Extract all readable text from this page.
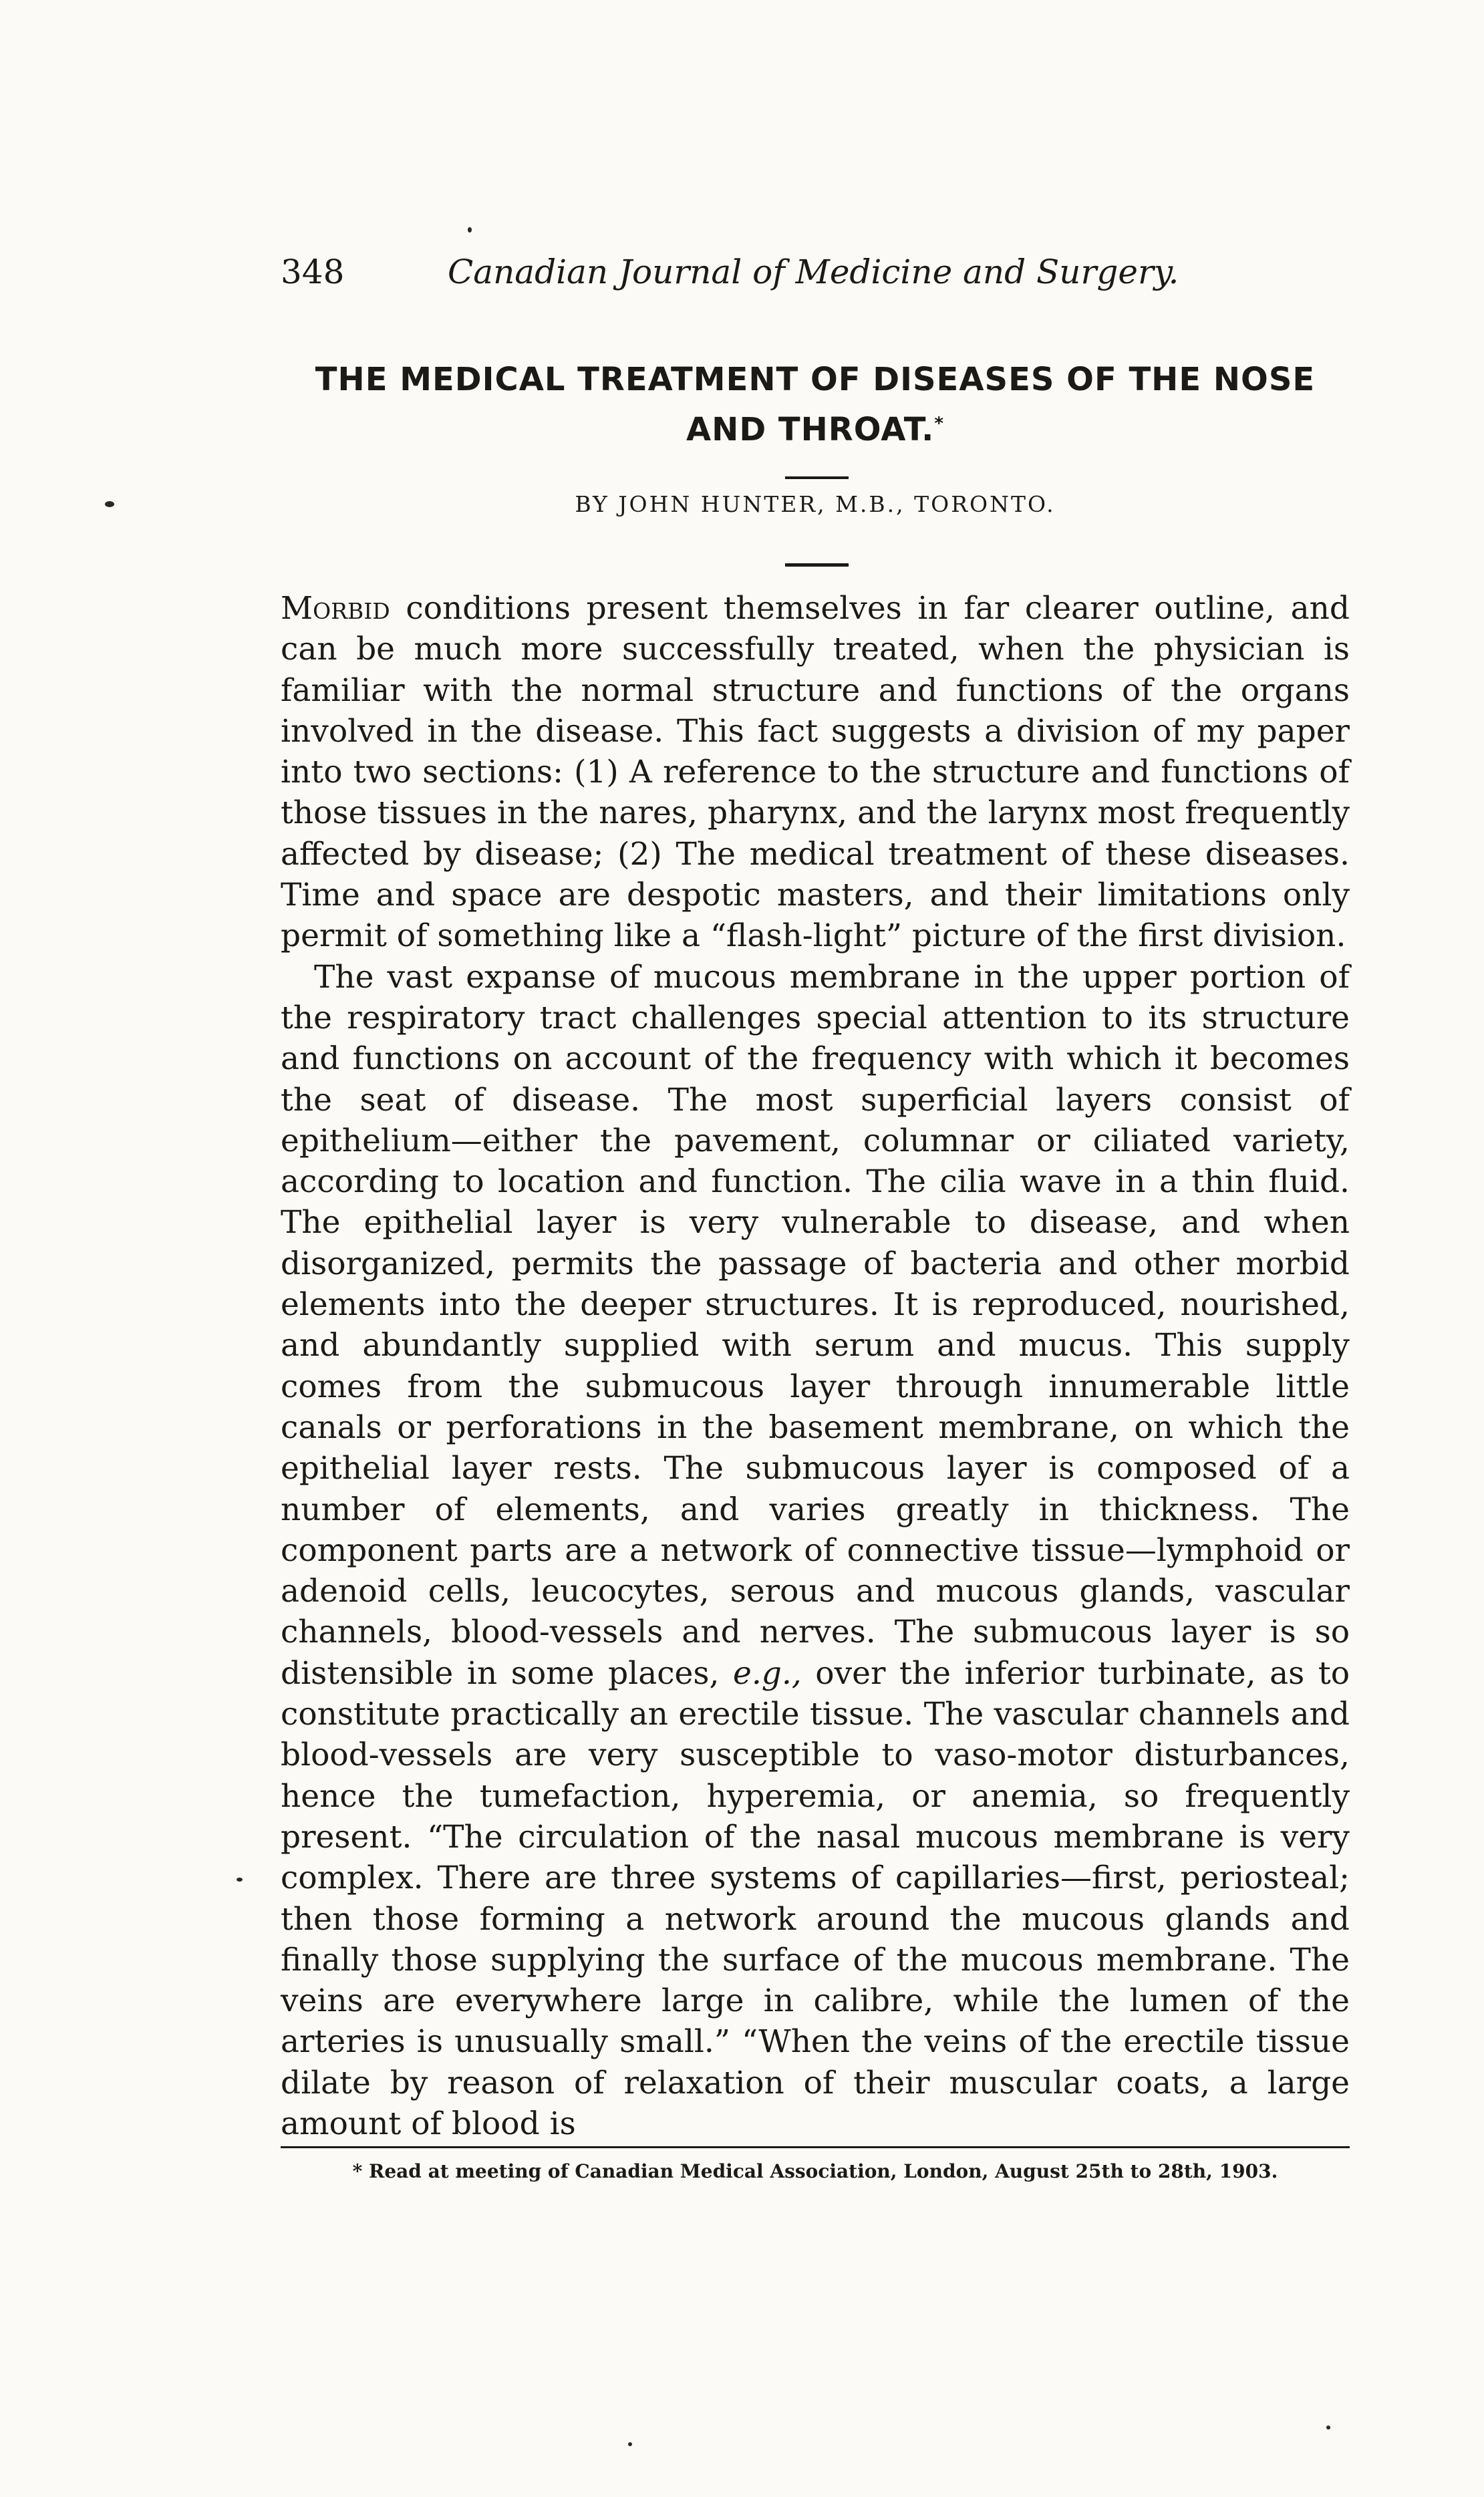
348	Canadian Journal of Medicine and Surgery.
THE MEDICAL TREATMENT OF DISEASES OF THE NOSE
AND THROAT.*
BY JOHN HUNTER, M.B., TORONTO.

Morbid conditions present themselves in far clearer outline, and can be much more successfully treated, when the physician is familiar with the normal structure and functions of the organs involved in the disease. This fact suggests a division of my paper into two sections: (1) A reference to the structure and functions of those tissues in the nares, pharynx, and the larynx most frequently affected by disease; (2) The medical treatment of these diseases. Time and space are despotic masters, and their limitations only permit of something like a “flash-light” picture of the first division.

The vast expanse of mucous membrane in the upper portion of the respiratory tract challenges special attention to its structure and functions on account of the frequency with which it becomes the seat of disease. The most superficial layers consist of epithelium—either the pavement, columnar or ciliated variety, according to location and function. The cilia wave in a thin fluid. The epithelial layer is very vulnerable to disease, and when disorganized, permits the passage of bacteria and other morbid elements into the deeper structures. It is reproduced, nourished, and abundantly supplied with serum and mucus. This supply comes from the submucous layer through innumerable little canals or perforations in the basement membrane, on which the epithelial layer rests. The submucous layer is composed of a number of elements, and varies greatly in thickness. The component parts are a network of connective tissue—lymphoid or adenoid cells, leucocytes, serous and mucous glands, vascular channels, blood-vessels and nerves. The submucous layer is so distensible in some places, e.g., over the inferior turbinate, as to constitute practically an erectile tissue. The vascular channels and blood-vessels are very susceptible to vaso-motor disturbances, hence the tumefaction, hyperemia, or anemia, so frequently present. “The circulation of the nasal mucous membrane is very complex. There are three systems of capillaries—first, periosteal; then those forming a network around the mucous glands and finally those supplying the surface of the mucous membrane. The veins are everywhere large in calibre, while the lumen of the arteries is unusually small.” “When the veins of the erectile tissue dilate by reason of relaxation of their muscular coats, a large amount of blood is

* Read at meeting of Canadian Medical Association, London, August 25th to 28th, 1903.
